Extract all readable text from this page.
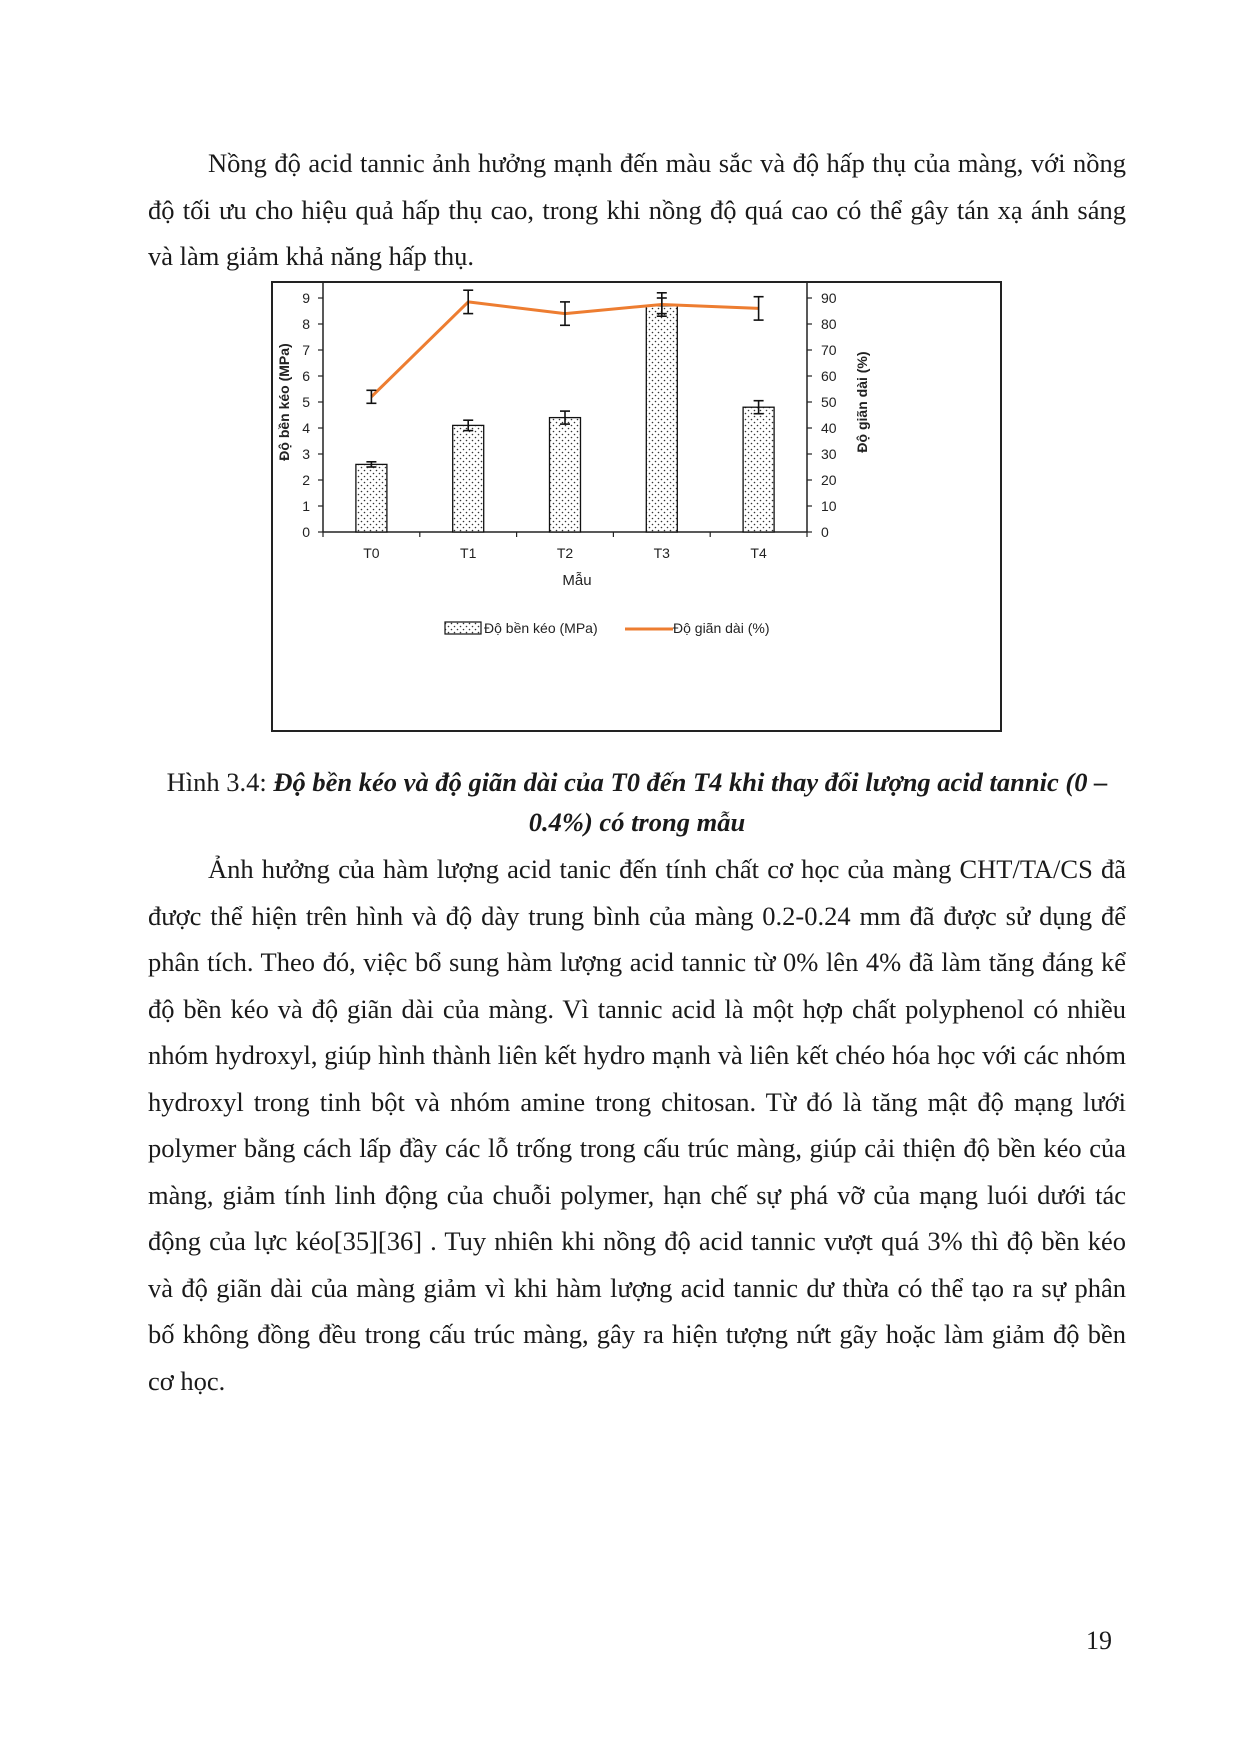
Nồng độ acid tannic ảnh hưởng mạnh đến màu sắc và độ hấp thụ của màng, với nồng
độ tối ưu cho hiệu quả hấp thụ cao, trong khi nồng độ quá cao có thể gây tán xạ ánh sáng
và làm giảm khả năng hấp thụ.

0
1
2
3
4
5
6
7
8
9
0
10
20
30
40
50
60
70
80
90
T0	T1	T2	T3	T4
Mẫu
Độ bền kéo (MPa)	Độ giãn dài (%)
Độ bền kéo (MPa)	Độ giãn dài (%)

Hình 3.4: Độ bền kéo và độ giãn dài của T0 đến T4 khi thay đổi lượng acid tannic (0 –
0.4%) có trong mẫu

Ảnh hưởng của hàm lượng acid tanic đến tính chất cơ học của màng CHT/TA/CS đã
được thể hiện trên hình và độ dày trung bình của màng 0.2-0.24 mm đã được sử dụng để
phân tích. Theo đó, việc bổ sung hàm lượng acid tannic từ 0% lên 4% đã làm tăng đáng kể
độ bền kéo và độ giãn dài của màng. Vì tannic acid là một hợp chất polyphenol có nhiều
nhóm hydroxyl, giúp hình thành liên kết hydro mạnh và liên kết chéo hóa học với các nhóm
hydroxyl trong tinh bột và nhóm amine trong chitosan. Từ đó là tăng mật độ mạng lưới
polymer bằng cách lấp đầy các lỗ trống trong cấu trúc màng, giúp cải thiện độ bền kéo của
màng, giảm tính linh động của chuỗi polymer, hạn chế sự phá vỡ của mạng luói dưới tác
động của lực kéo[35][36] . Tuy nhiên khi nồng độ acid tannic vượt quá 3% thì độ bền kéo
và độ giãn dài của màng giảm vì khi hàm lượng acid tannic dư thừa có thể tạo ra sự phân
bố không đồng đều trong cấu trúc màng, gây ra hiện tượng nứt gãy hoặc làm giảm độ bền
cơ học.

19
